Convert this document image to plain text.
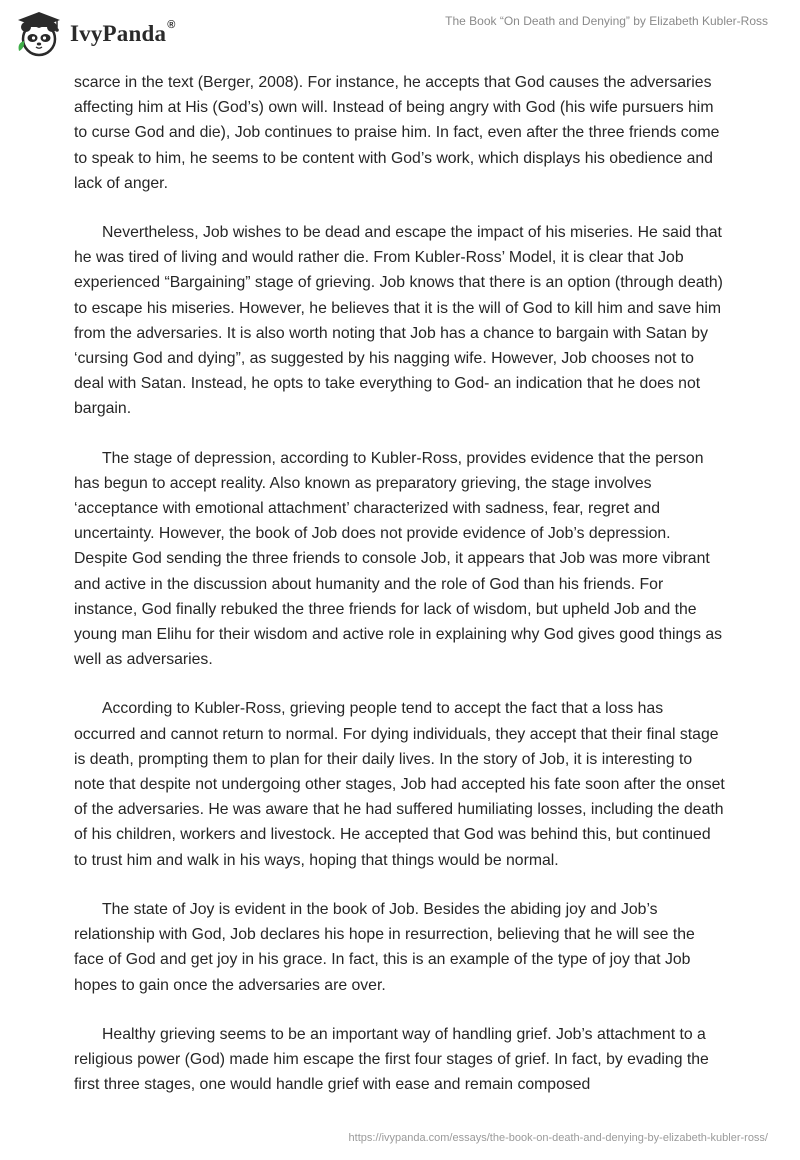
IvyPanda®	The Book “On Death and Denying” by Elizabeth Kubler-Ross

scarce in the text (Berger, 2008). For instance, he accepts that God causes the adversaries affecting him at His (God’s) own will. Instead of being angry with God (his wife pursuers him to curse God and die), Job continues to praise him. In fact, even after the three friends come to speak to him, he seems to be content with God’s work, which displays his obedience and lack of anger.

Nevertheless, Job wishes to be dead and escape the impact of his miseries. He said that he was tired of living and would rather die. From Kubler-Ross’ Model, it is clear that Job experienced “Bargaining” stage of grieving. Job knows that there is an option (through death) to escape his miseries. However, he believes that it is the will of God to kill him and save him from the adversaries. It is also worth noting that Job has a chance to bargain with Satan by ‘cursing God and dying”, as suggested by his nagging wife. However, Job chooses not to deal with Satan. Instead, he opts to take everything to God- an indication that he does not bargain.

The stage of depression, according to Kubler-Ross, provides evidence that the person has begun to accept reality. Also known as preparatory grieving, the stage involves ‘acceptance with emotional attachment’ characterized with sadness, fear, regret and uncertainty. However, the book of Job does not provide evidence of Job’s depression. Despite God sending the three friends to console Job, it appears that Job was more vibrant and active in the discussion about humanity and the role of God than his friends. For instance, God finally rebuked the three friends for lack of wisdom, but upheld Job and the young man Elihu for their wisdom and active role in explaining why God gives good things as well as adversaries.

According to Kubler-Ross, grieving people tend to accept the fact that a loss has occurred and cannot return to normal. For dying individuals, they accept that their final stage is death, prompting them to plan for their daily lives. In the story of Job, it is interesting to note that despite not undergoing other stages, Job had accepted his fate soon after the onset of the adversaries. He was aware that he had suffered humiliating losses, including the death of his children, workers and livestock. He accepted that God was behind this, but continued to trust him and walk in his ways, hoping that things would be normal.

The state of Joy is evident in the book of Job. Besides the abiding joy and Job’s relationship with God, Job declares his hope in resurrection, believing that he will see the face of God and get joy in his grace. In fact, this is an example of the type of joy that Job hopes to gain once the adversaries are over.

Healthy grieving seems to be an important way of handling grief. Job’s attachment to a religious power (God) made him escape the first four stages of grief. In fact, by evading the first three stages, one would handle grief with ease and remain composed

https://ivypanda.com/essays/the-book-on-death-and-denying-by-elizabeth-kubler-ross/
